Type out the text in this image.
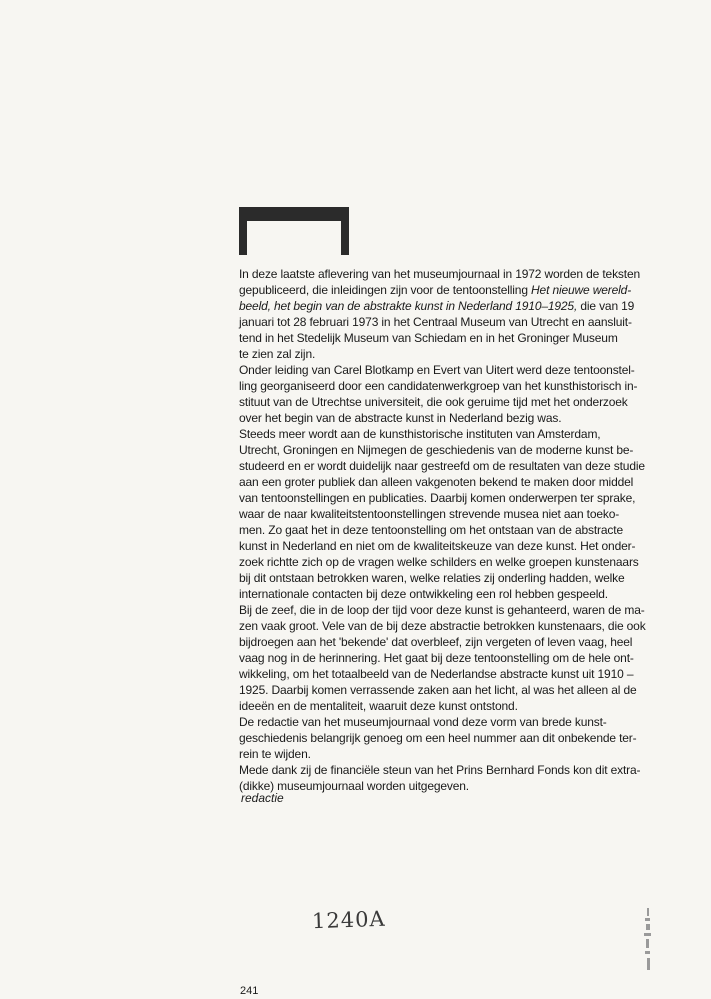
In deze laatste aflevering van het museumjournaal in 1972 worden de teksten
gepubliceerd, die inleidingen zijn voor de tentoonstelling Het nieuwe wereld-
beeld, het begin van de abstrakte kunst in Nederland 1910–1925, die van 19
januari tot 28 februari 1973 in het Centraal Museum van Utrecht en aansluit-
tend in het Stedelijk Museum van Schiedam en in het Groninger Museum
te zien zal zijn.

Onder leiding van Carel Blotkamp en Evert van Uitert werd deze tentoonstel-
ling georganiseerd door een candidatenwerkgroep van het kunsthistorisch in-
stituut van de Utrechtse universiteit, die ook geruime tijd met het onderzoek
over het begin van de abstracte kunst in Nederland bezig was.

Steeds meer wordt aan de kunsthistorische instituten van Amsterdam,
Utrecht, Groningen en Nijmegen de geschiedenis van de moderne kunst be-
studeerd en er wordt duidelijk naar gestreefd om de resultaten van deze studie
aan een groter publiek dan alleen vakgenoten bekend te maken door middel
van tentoonstellingen en publicaties. Daarbij komen onderwerpen ter sprake,
waar de naar kwaliteitstentoonstellingen strevende musea niet aan toeko-
men. Zo gaat het in deze tentoonstelling om het ontstaan van de abstracte
kunst in Nederland en niet om de kwaliteitskeuze van deze kunst. Het onder-
zoek richtte zich op de vragen welke schilders en welke groepen kunstenaars
bij dit ontstaan betrokken waren, welke relaties zij onderling hadden, welke
internationale contacten bij deze ontwikkeling een rol hebben gespeeld.

Bij de zeef, die in de loop der tijd voor deze kunst is gehanteerd, waren de ma-
zen vaak groot. Vele van de bij deze abstractie betrokken kunstenaars, die ook
bijdroegen aan het 'bekende' dat overbleef, zijn vergeten of leven vaag, heel
vaag nog in de herinnering. Het gaat bij deze tentoonstelling om de hele ont-
wikkeling, om het totaalbeeld van de Nederlandse abstracte kunst uit 1910 –
1925. Daarbij komen verrassende zaken aan het licht, al was het alleen al de
ideeën en de mentaliteit, waaruit deze kunst ontstond.

De redactie van het museumjournaal vond deze vorm van brede kunst-
geschiedenis belangrijk genoeg om een heel nummer aan dit onbekende ter-
rein te wijden.

Mede dank zij de financiële steun van het Prins Bernhard Fonds kon dit extra-
(dikke) museumjournaal worden uitgegeven.

redactie
1240A
241
